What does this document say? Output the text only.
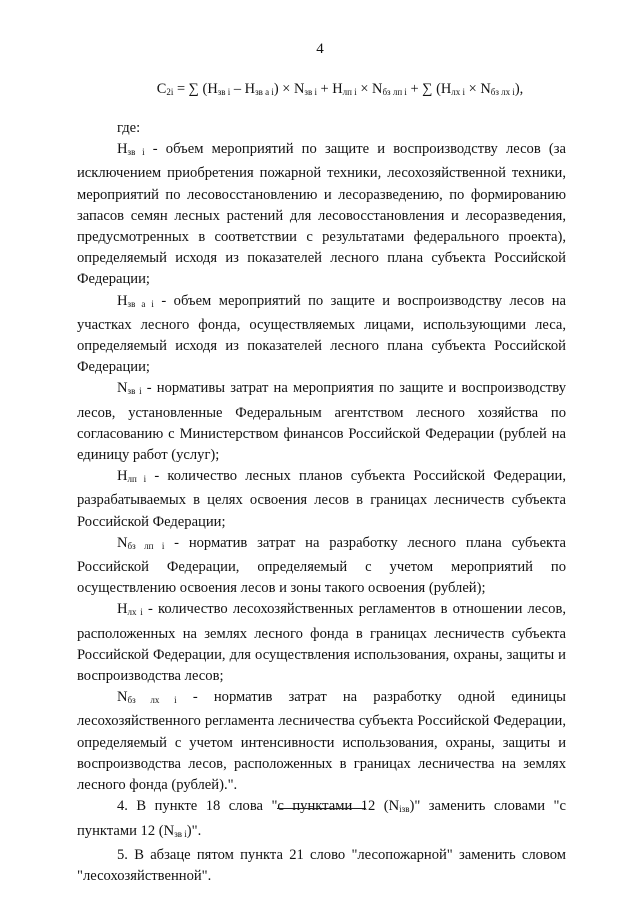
4
$C_{2i}$ = ∑ $(Н_{зв i} - Н_{зв а i}) \times N_{зв i} + Н_{лп i} \times N_{бз лп i}$ + ∑ $(Н_{лх i} \times N_{бз лх i})$,

где:

$Н_{зв i}$ - объем мероприятий по защите и воспроизводству лесов (за исключением приобретения пожарной техники, лесохозяйственной техники, мероприятий по лесовосстановлению и лесоразведению, по формированию запасов семян лесных растений для лесовосстановления и лесоразведения, предусмотренных в соответствии с результатами федерального проекта), определяемый исходя из показателей лесного плана субъекта Российской Федерации;

$Н_{зв а i}$ - объем мероприятий по защите и воспроизводству лесов на участках лесного фонда, осуществляемых лицами, использующими леса, определяемый исходя из показателей лесного плана субъекта Российской Федерации;

$N_{зв i}$ - нормативы затрат на мероприятия по защите и воспроизводству лесов, установленные Федеральным агентством лесного хозяйства по согласованию с Министерством финансов Российской Федерации (рублей на единицу работ (услуг);

$Н_{лп i}$ - количество лесных планов субъекта Российской Федерации, разрабатываемых в целях освоения лесов в границах лесничеств субъекта Российской Федерации;

$N_{бз лп i}$ - норматив затрат на разработку лесного плана субъекта Российской Федерации, определяемый с учетом мероприятий по осуществлению освоения лесов и зоны такого освоения (рублей);

$Н_{лх i}$ - количество лесохозяйственных регламентов в отношении лесов, расположенных на землях лесного фонда в границах лесничеств субъекта Российской Федерации, для осуществления использования, охраны, защиты и воспроизводства лесов;

$N_{бз лх i}$ - норматив затрат на разработку одной единицы лесохозяйственного регламента лесничества субъекта Российской Федерации, определяемый с учетом интенсивности использования, охраны, защиты и воспроизводства лесов, расположенных в границах лесничества на землях лесного фонда (рублей).".

4. В пункте 18 слова "с пунктами 12 $(N_{iзв})$" заменить словами "с пунктами 12 $(N_{зв i})$".

5. В абзаце пятом пункта 21 слово "лесопожарной" заменить словом "лесохозяйственной".
